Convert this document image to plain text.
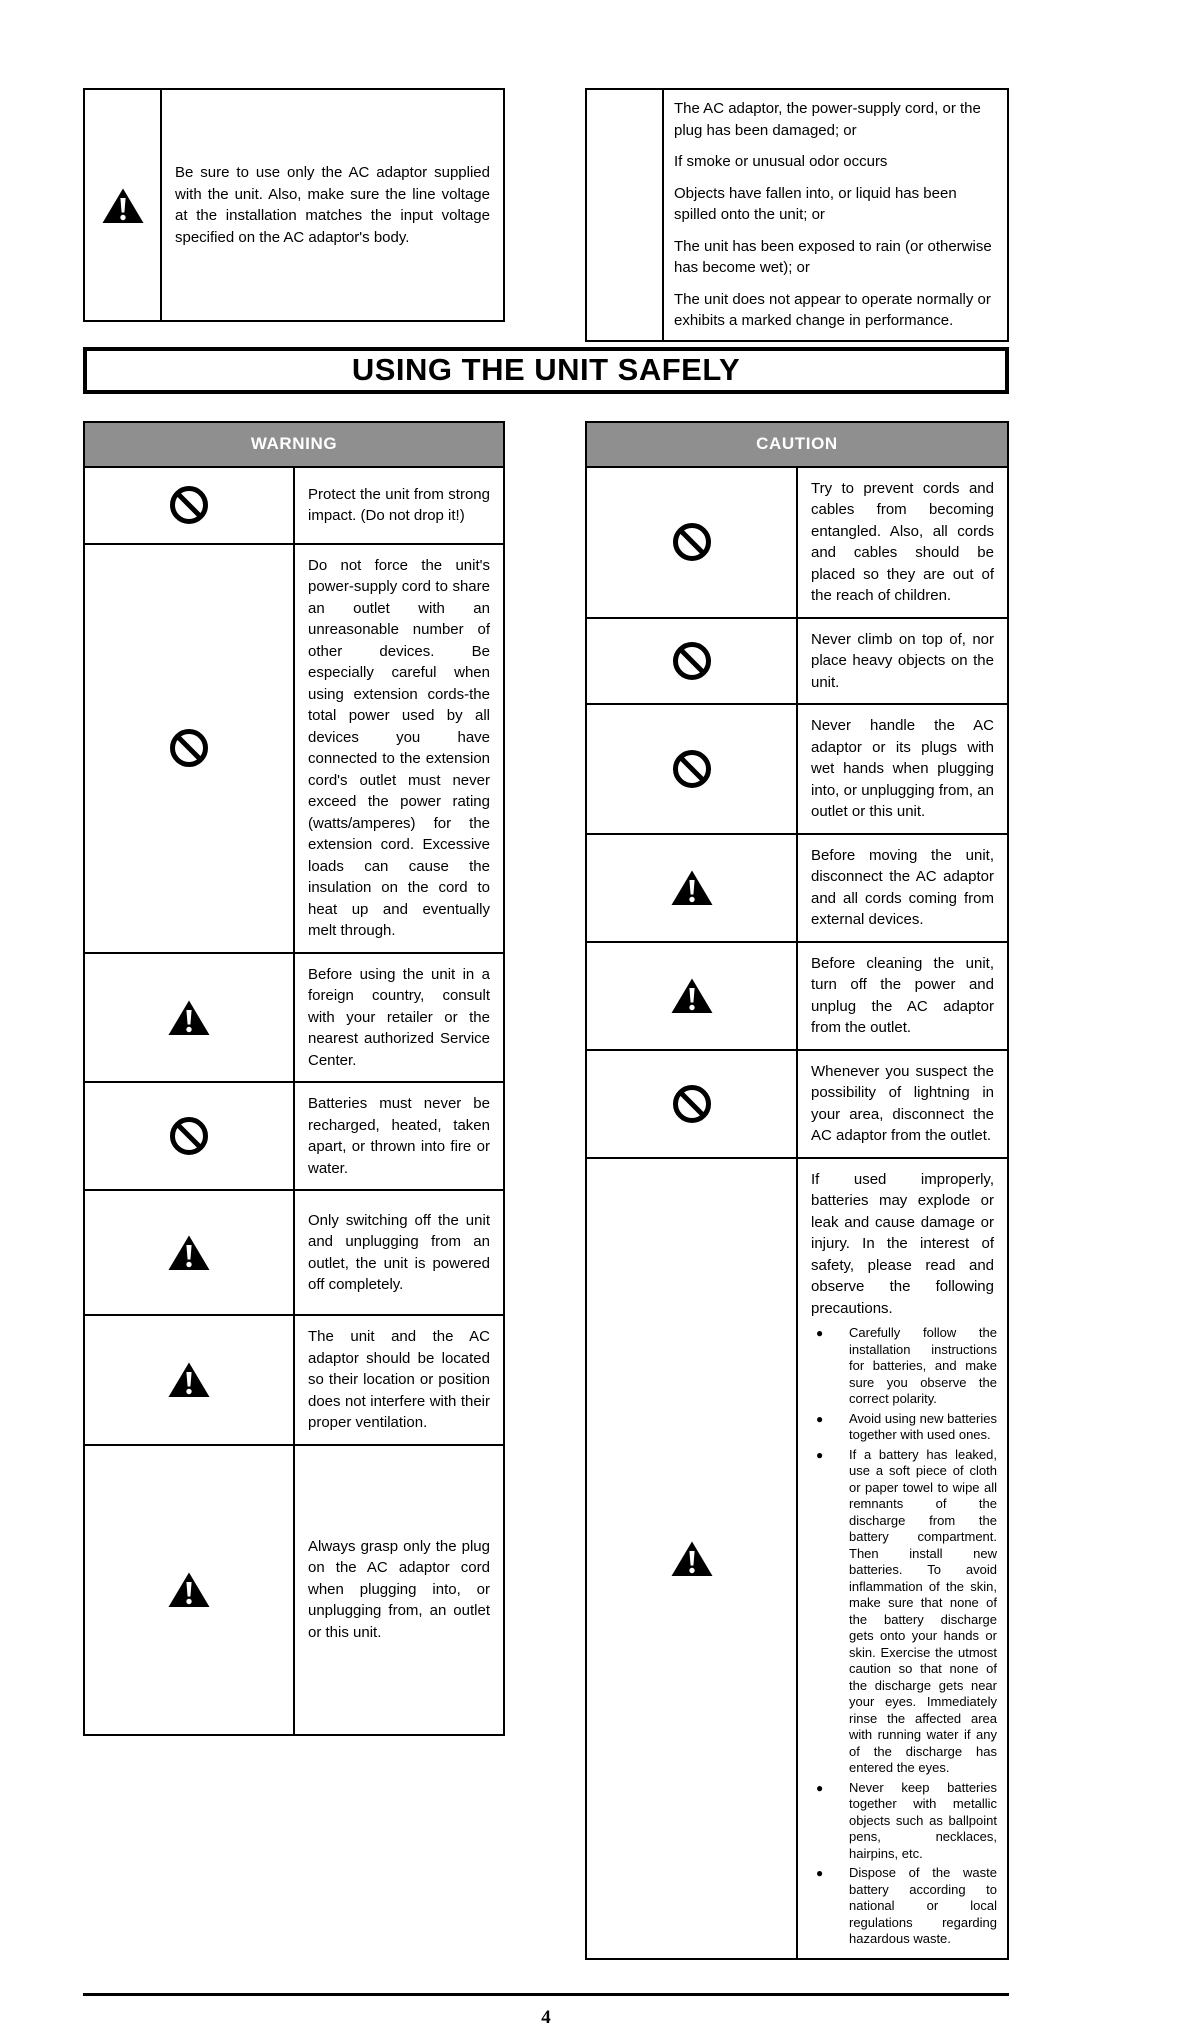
Be sure to use only the AC adaptor supplied with the unit. Also, make sure the line voltage at the installation matches the input voltage specified on the AC adaptor's body.

The AC adaptor, the power-supply cord, or the plug has been damaged; or

If smoke or unusual odor occurs

Objects have fallen into, or liquid has been spilled onto the unit; or

The unit has been exposed to rain (or otherwise has become wet); or

The unit does not appear to operate normally or exhibits a marked change in performance.

USING THE UNIT SAFELY
WARNING	

	Protect the unit from strong impact. (Do not drop it!)

	Do not force the unit's power-supply cord to share an outlet with an unreasonable number of other devices. Be especially careful when using extension cords-the total power used by all devices you have connected to the extension cord's outlet must never exceed the power rating (watts/amperes) for the extension cord. Excessive loads can cause the insulation on the cord to heat up and eventually melt through.

Before using the unit in a foreign country, consult with your retailer or the nearest authorized Service Center.

	Batteries must never be recharged, heated, taken apart, or thrown into fire or water.

Only switching off the unit and unplugging from an outlet, the unit is powered off completely.

The unit and the AC adaptor should be located so their location or position does not interfere with their proper ventilation.

Always grasp only the plug on the AC adaptor cord when plugging into, or unplugging from, an outlet or this unit.
CAUTION	

	Try to prevent cords and cables from becoming entangled. Also, all cords and cables should be placed so they are out of the reach of children.

	Never climb on top of, nor place heavy objects on the unit.

	Never handle the AC adaptor or its plugs with wet hands when plugging into, or unplugging from, an outlet or this unit.

Before moving the unit, disconnect the AC adaptor and all cords coming from external devices.

Before cleaning the unit, turn off the power and unplug the AC adaptor from the outlet.

	Whenever you suspect the possibility of lightning in your area, disconnect the AC adaptor from the outlet.

If used improperly, batteries may explode or leak and cause damage or injury. In the interest of safety, please read and observe the following precautions.
● Carefully follow the installation instructions for batteries, and make sure you observe the correct polarity.
● Avoid using new batteries together with used ones.
● If a battery has leaked, use a soft piece of cloth or paper towel to wipe all remnants of the discharge from the battery compartment. Then install new batteries. To avoid inflammation of the skin, make sure that none of the battery discharge gets onto your hands or skin. Exercise the utmost caution so that none of the discharge gets near your eyes. Immediately rinse the affected area with running water if any of the discharge has entered the eyes.
● Never keep batteries together with metallic objects such as ballpoint pens, necklaces, hairpins, etc.
● Dispose of the waste battery according to national or local regulations regarding hazardous waste.
4
